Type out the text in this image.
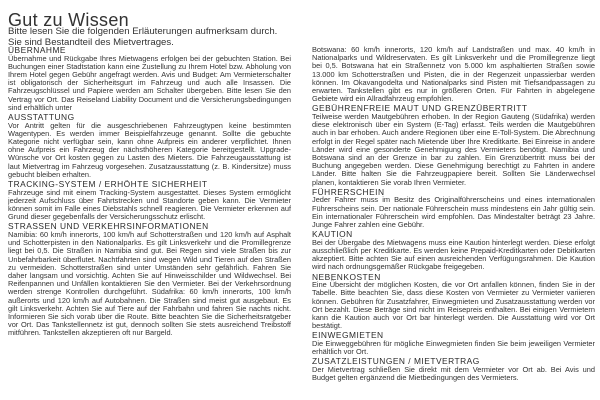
Gut zu Wissen
Bitte lesen Sie die folgenden Erläuterungen aufmerksam durch.
Sie sind Bestandteil des Mietvertrages.
ÜBERNAHME

Übernahme und Rückgabe Ihres Mietwagens erfolgen bei der gebuchten Station. Bei Buchungen einer Stadtstation kann eine Zustellung zu Ihrem Hotel bzw. Abholung von Ihrem Hotel gegen Gebühr angefragt werden. Avis und Budget: Am Vermieterschalter ist obligatorisch der Sicherheitsgurt im Fahrzeug und auch alle Insassen. Die Fahrzeugschlüssel und Papiere werden am Schalter übergeben. Bitte lesen Sie den Vertrag vor Ort. Das Reiseland Liability Document und die Versicherungsbedingungen sind erhältlich unter

AUSSTATTUNG

Vor Antritt gelten für die ausgeschriebenen Fahrzeugtypen keine bestimmten Wagentypen. Es werden immer Beispielfahrzeuge genannt. Sollte die gebuchte Kategorie nicht verfügbar sein, kann ohne Aufpreis ein anderer verpflichtet. Ihnen ohne Aufpreis ein Fahrzeug der nächsthöheren Kategorie bereitgestellt. Upgrade-Wünsche vor Ort kosten gegen zu Lasten des Mieters. Die Fahrzeugausstattung ist laut Mietvertrag im Fahrzeug vorgesehen. Zusatzausstattung (z. B. Kindersitze) muss gebucht bleiben erhalten.

TRACKING-SYSTEM / ERHÖHTE SICHERHEIT

Fahrzeuge sind mit einem Tracking-System ausgestattet. Dieses System ermöglicht jederzeit Aufschluss über Fahrtstrecken und Standorte geben kann. Die Vermieter können somit im Falle eines Diebstahls schnell reagieren. Die Vermieter erkennen auf Grund dieser gegebenfalls der Versicherungsschutz erlischt.

STRASSEN UND VERKEHRSINFORMATIONEN

Namibia: 60 km/h innerorts, 100 km/h auf Schotterstraßen und 120 km/h auf Asphalt und Schotterpisten in den Nationalparks. Es gilt Linksverkehr und die Promillegrenze liegt bei 0,5. Die Straßen in Namibia sind gut. Bei Regen sind viele Straßen bis zur Unbefahrbarkeit überflutet. Nachtfahrten sind wegen Wild und Tieren auf den Straßen zu vermeiden. Schotterstraßen sind unter Umständen sehr gefährlich. Fahren Sie daher langsam und vorsichtig. Achten Sie auf Hinweisschilder und Wildwechsel. Bei Reifenpannen und Unfällen kontaktieren Sie den Vermieter. Bei der Verkehrsordnung werden strenge Kontrollen durchgeführt. Südafrika: 60 km/h innerorts, 100 km/h außerorts und 120 km/h auf Autobahnen. Die Straßen sind meist gut ausgebaut. Es gilt Linksverkehr. Achten Sie auf Tiere auf der Fahrbahn und fahren Sie nachts nicht. Informieren Sie sich vorab über die Route. Bitte beachten Sie die Sicherheitsratgeber vor Ort. Das Tankstellennetz ist gut, dennoch sollten Sie stets ausreichend Treibstoff mitführen. Tankstellen akzeptieren oft nur Bargeld.

Botswana: 60 km/h innerorts, 120 km/h auf Landstraßen und max. 40 km/h in Nationalparks und Wildreservaten. Es gilt Linksverkehr und die Promillegrenze liegt bei 0,5. Botswana hat ein Straßennetz von 5.000 km asphaltierten Straßen sowie 13.000 km Schotterstraßen und Pisten, die in der Regenzeit unpassierbar werden können. Im Okavangodelta und Nationalparks sind Pisten mit Tiefsandpassagen zu erwarten. Tankstellen gibt es nur in größeren Orten. Für Fahrten in abgelegene Gebiete wird ein Allradfahrzeug empfohlen.

GEBÜHRENFREIE MAUT UND GRENZÜBERTRITT

Teilweise werden Mautgebühren erhoben. In der Region Gauteng (Südafrika) werden diese elektronisch über ein System (E-Tag) erfasst. Teils werden die Mautgebühren auch in bar erhoben. Auch andere Regionen über eine E-Toll-System. Die Abrechnung erfolgt in der Regel später nach Mietende über Ihre Kreditkarte. Bei Einreise in andere Länder wird eine gesonderte Genehmigung des Vermieters benötigt. Namibia und Botswana sind an der Grenze in bar zu zahlen. Ein Grenzübertritt muss bei der Buchung angegeben werden. Diese Genehmigung berechtigt zu Fahrten in andere Länder. Bitte halten Sie die Fahrzeugpapiere bereit. Sollten Sie Länderwechsel planen, kontaktieren Sie vorab Ihren Vermieter.

FÜHRERSCHEIN

Jeder Fahrer muss im Besitz des Originalführerscheins und eines internationalen Führerscheins sein. Der nationale Führerschein muss mindestens ein Jahr gültig sein. Ein internationaler Führerschein wird empfohlen. Das Mindestalter beträgt 23 Jahre. Junge Fahrer zahlen eine Gebühr.

KAUTION

Bei der Übergabe des Mietwagens muss eine Kaution hinterlegt werden. Diese erfolgt ausschließlich per Kreditkarte. Es werden keine Prepaid-Kreditkarten oder Debitkarten akzeptiert. Bitte achten Sie auf einen ausreichenden Verfügungsrahmen. Die Kaution wird nach ordnungsgemäßer Rückgabe freigegeben.

NEBENKOSTEN

Eine Übersicht der möglichen Kosten, die vor Ort anfallen können, finden Sie in der Tabelle. Bitte beachten Sie, dass diese Kosten von Vermieter zu Vermieter variieren können. Gebühren für Zusatzfahrer, Einwegmieten und Zusatzausstattung werden vor Ort bezahlt. Diese Beträge sind nicht im Reisepreis enthalten. Bei einigen Vermietern kann die Kaution auch vor Ort bar hinterlegt werden. Die Ausstattung wird vor Ort bestätigt.

EINWEGMIETEN

Die Einweggebühren für mögliche Einwegmieten finden Sie beim jeweiligen Vermieter erhältlich vor Ort.

ZUSATZLEISTUNGEN / MIETVERTRAG

Der Mietvertrag schließen Sie direkt mit dem Vermieter vor Ort ab. Bei Avis und Budget gelten ergänzend die Mietbedingungen des Vermieters.
